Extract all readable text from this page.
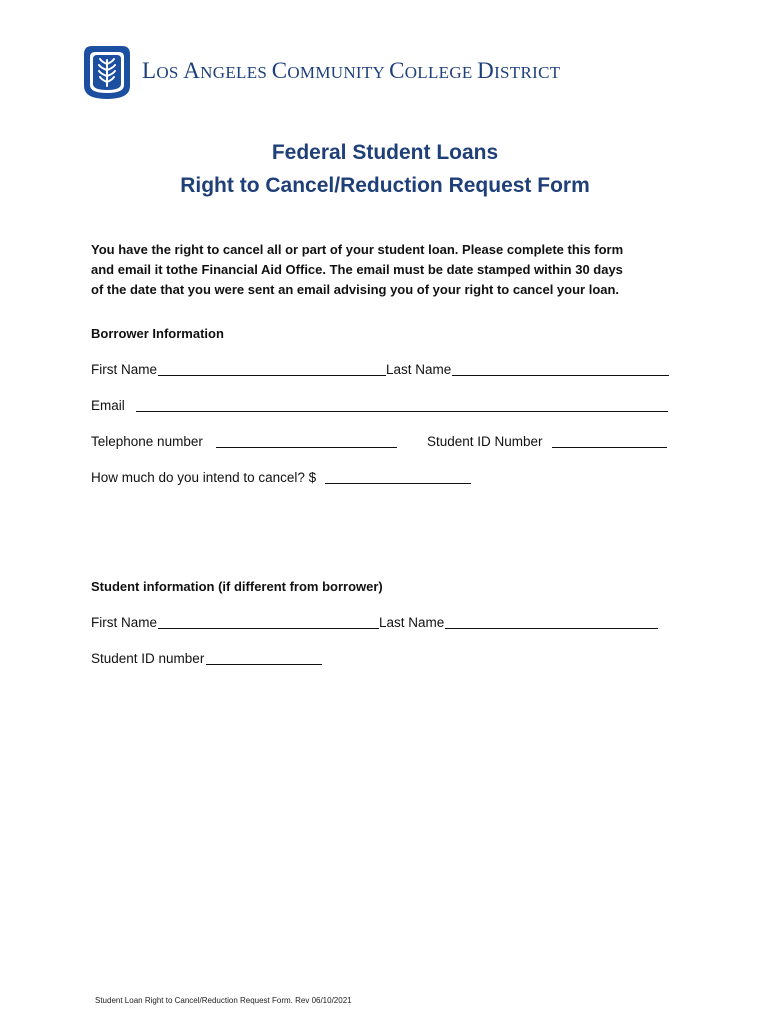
LOS ANGELES COMMUNITY COLLEGE DISTRICT
Federal Student Loans
Right to Cancel/Reduction Request Form
You have the right to cancel all or part of your student loan. Please complete this form
and email it tothe Financial Aid Office. The email must be date stamped within 30 days
of the date that you were sent an email advising you of your right to cancel your loan.
Borrower Information
First Name	Last Name
Email
Telephone number	Student ID Number
How much do you intend to cancel? $
Student information (if different from borrower)
First Name	Last Name
Student ID number
Student Loan Right to Cancel/Reduction Request Form. Rev 06/10/2021
